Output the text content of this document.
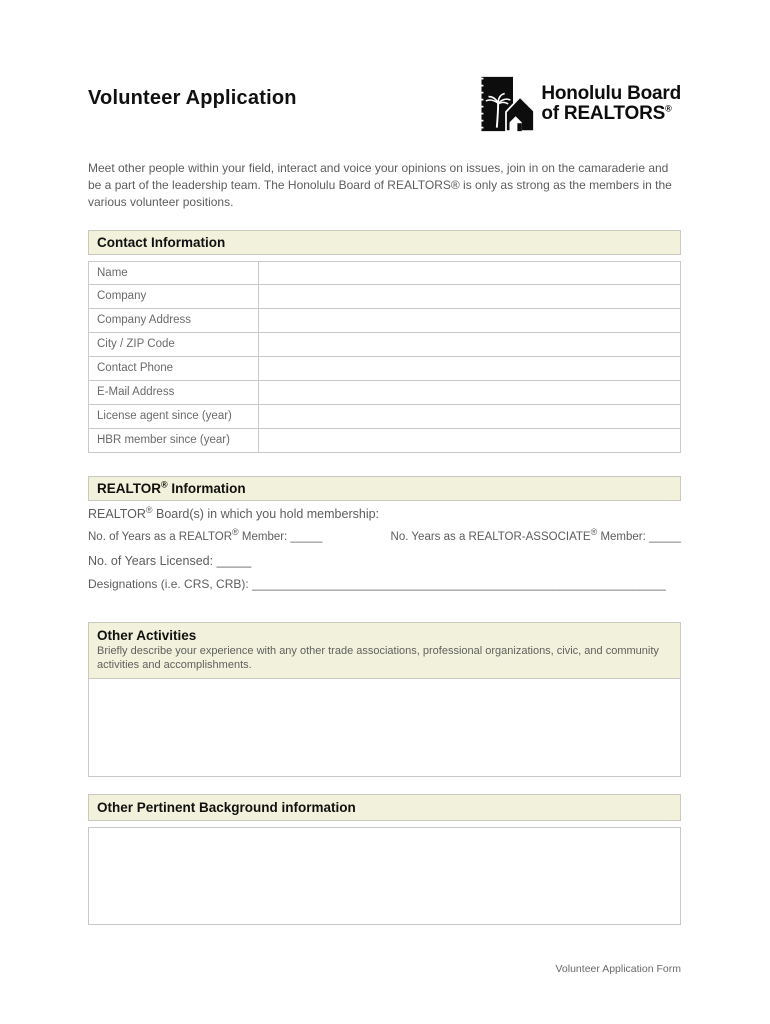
Volunteer Application	Honolulu Board
of REALTORS®
Meet other people within your field, interact and voice your opinions on issues, join in on the camaraderie and be a part of the leadership team. The Honolulu Board of REALTORS® is only as strong as the members in the various volunteer positions.
Contact Information
Name
Company
Company Address
City / ZIP Code
Contact Phone
E-Mail Address
License agent since (year)
HBR member since (year)
REALTOR® Information
REALTOR® Board(s) in which you hold membership:
No. of Years as a REALTOR® Member: _____	No. Years as a REALTOR-ASSOCIATE® Member: _____
No. of Years Licensed: _____
Designations (i.e. CRS, CRB): ______________________________________________________________
Other Activities
Briefly describe your experience with any other trade associations, professional organizations, civic, and community activities and accomplishments.
Other Pertinent Background information
Volunteer Application Form
